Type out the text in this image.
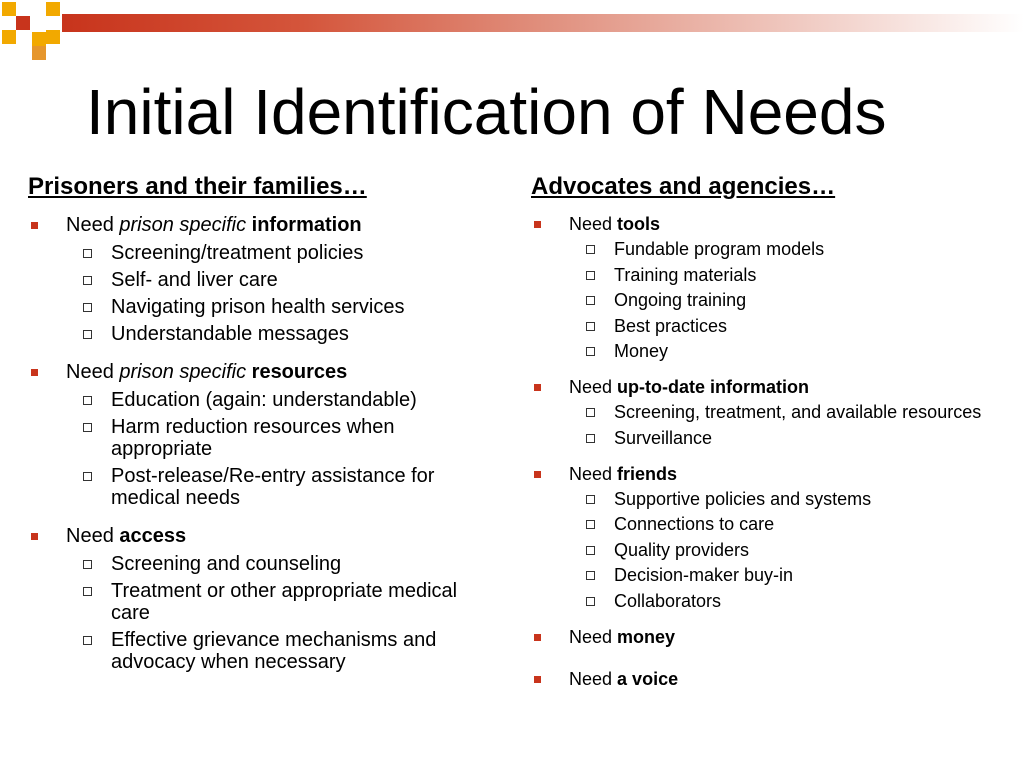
Initial Identification of Needs
Prisoners and their families…
Need prison specific information
Screening/treatment policies
Self- and liver care
Navigating prison health services
Understandable messages
Need prison specific resources
Education (again: understandable)
Harm reduction resources when appropriate
Post-release/Re-entry assistance for medical needs
Need access
Screening and counseling
Treatment or other appropriate medical care
Effective grievance mechanisms and advocacy when necessary
Advocates and agencies…
Need tools
Fundable program models
Training materials
Ongoing training
Best practices
Money
Need up-to-date information
Screening, treatment, and available resources
Surveillance
Need friends
Supportive policies and systems
Connections to care
Quality providers
Decision-maker buy-in
Collaborators
Need money
Need a voice
